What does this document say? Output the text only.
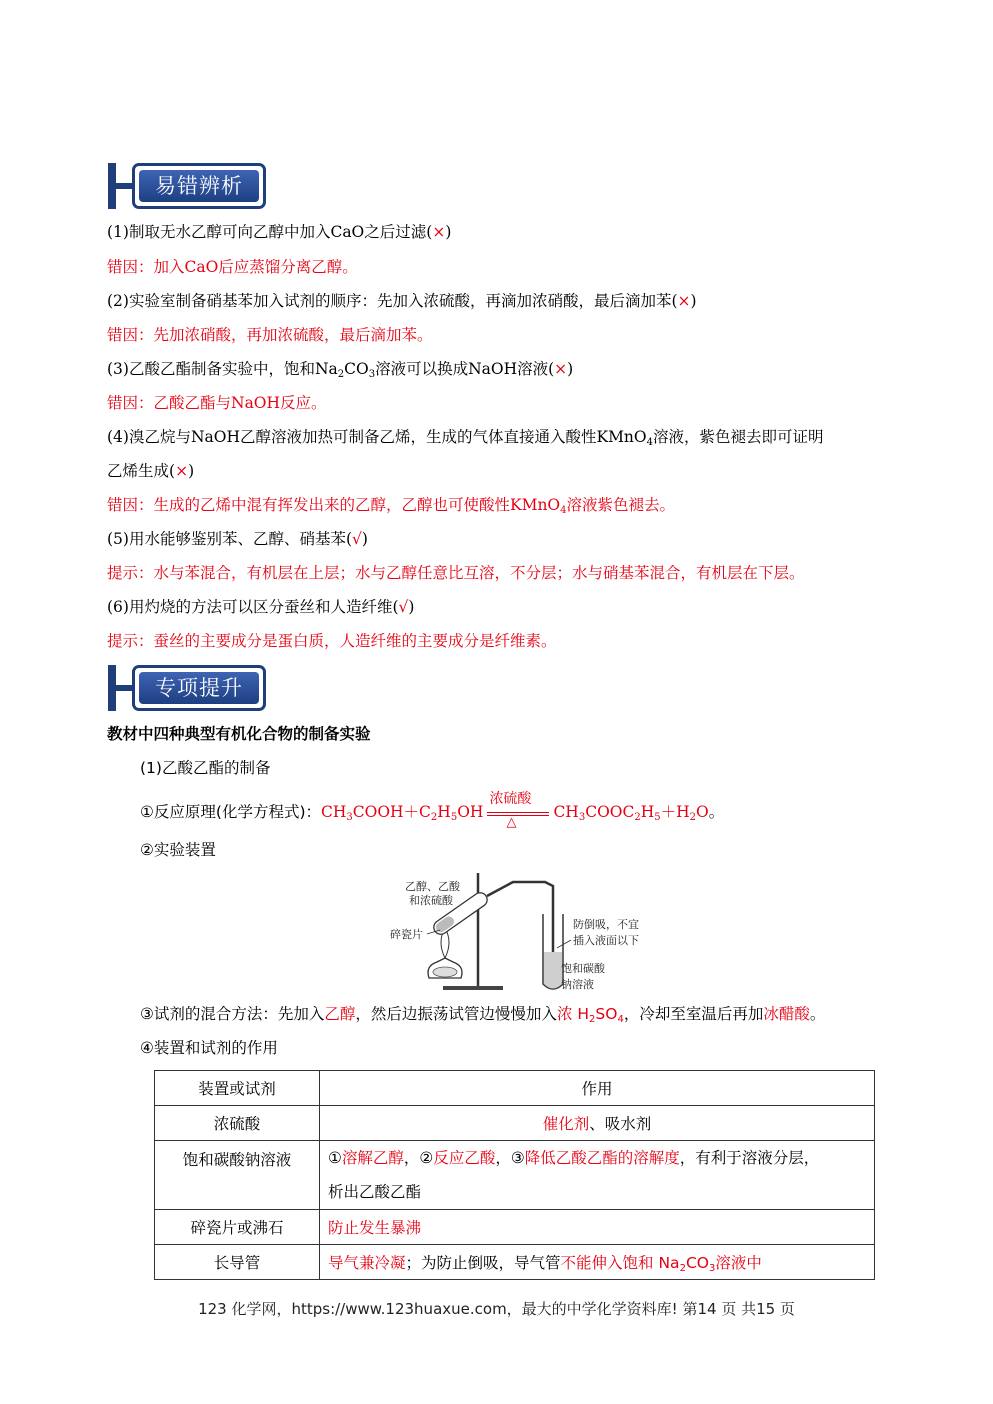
易错辨析
(1)制取无水乙醇可向乙醇中加入CaO之后过滤(×)
错因：加入CaO后应蒸馏分离乙醇。
(2)实验室制备硝基苯加入试剂的顺序：先加入浓硫酸，再滴加浓硝酸，最后滴加苯(×)
错因：先加浓硝酸，再加浓硫酸，最后滴加苯。
(3)乙酸乙酯制备实验中，饱和$Na_2CO_3$溶液可以换成NaOH溶液(×)
错因：乙酸乙酯与NaOH反应。
(4)溴乙烷与NaOH乙醇溶液加热可制备乙烯，生成的气体直接通入酸性KMnO$_4$溶液，紫色褪去即可证明
乙烯生成(×)
错因：生成的乙烯中混有挥发出来的乙醇，乙醇也可使酸性KMnO$_4$溶液紫色褪去。
(5)用水能够鉴别苯、乙醇、硝基苯(√)
提示：水与苯混合，有机层在上层；水与乙醇任意比互溶，不分层；水与硝基苯混合，有机层在下层。
(6)用灼烧的方法可以区分蚕丝和人造纤维(√)
提示：蚕丝的主要成分是蛋白质，人造纤维的主要成分是纤维素。
专项提升
教材中四种典型有机化合物的制备实验
(1)乙酸乙酯的制备
①反应原理(化学方程式)：$CH_3COOH+C_2H_5OH$
浓硫酸
△
$CH_3COOC_2H_5+H_2O$。
②实验装置
乙醇、乙酸
和浓硫酸
碎瓷片
防倒吸，不宜
插入液面以下
饱和碳酸
钠溶液
③试剂的混合方法：先加入乙醇，然后边振荡试管边慢慢加入浓 $H_2SO_4$，冷却至室温后再加冰醋酸。
④装置和试剂的作用
装置或试剂	作用
浓硫酸	催化剂、吸水剂
饱和碳酸钠溶液	①溶解乙醇，②反应乙酸，③降低乙酸乙酯的溶解度，有利于溶液分层，
析出乙酸乙酯
碎瓷片或沸石	防止发生暴沸
长导管	导气兼冷凝；为防止倒吸，导气管不能伸入饱和 $Na_2CO_3$溶液中
123 化学网，https://www.123huaxue.com，最大的中学化学资料库! 第14 页 共15 页
